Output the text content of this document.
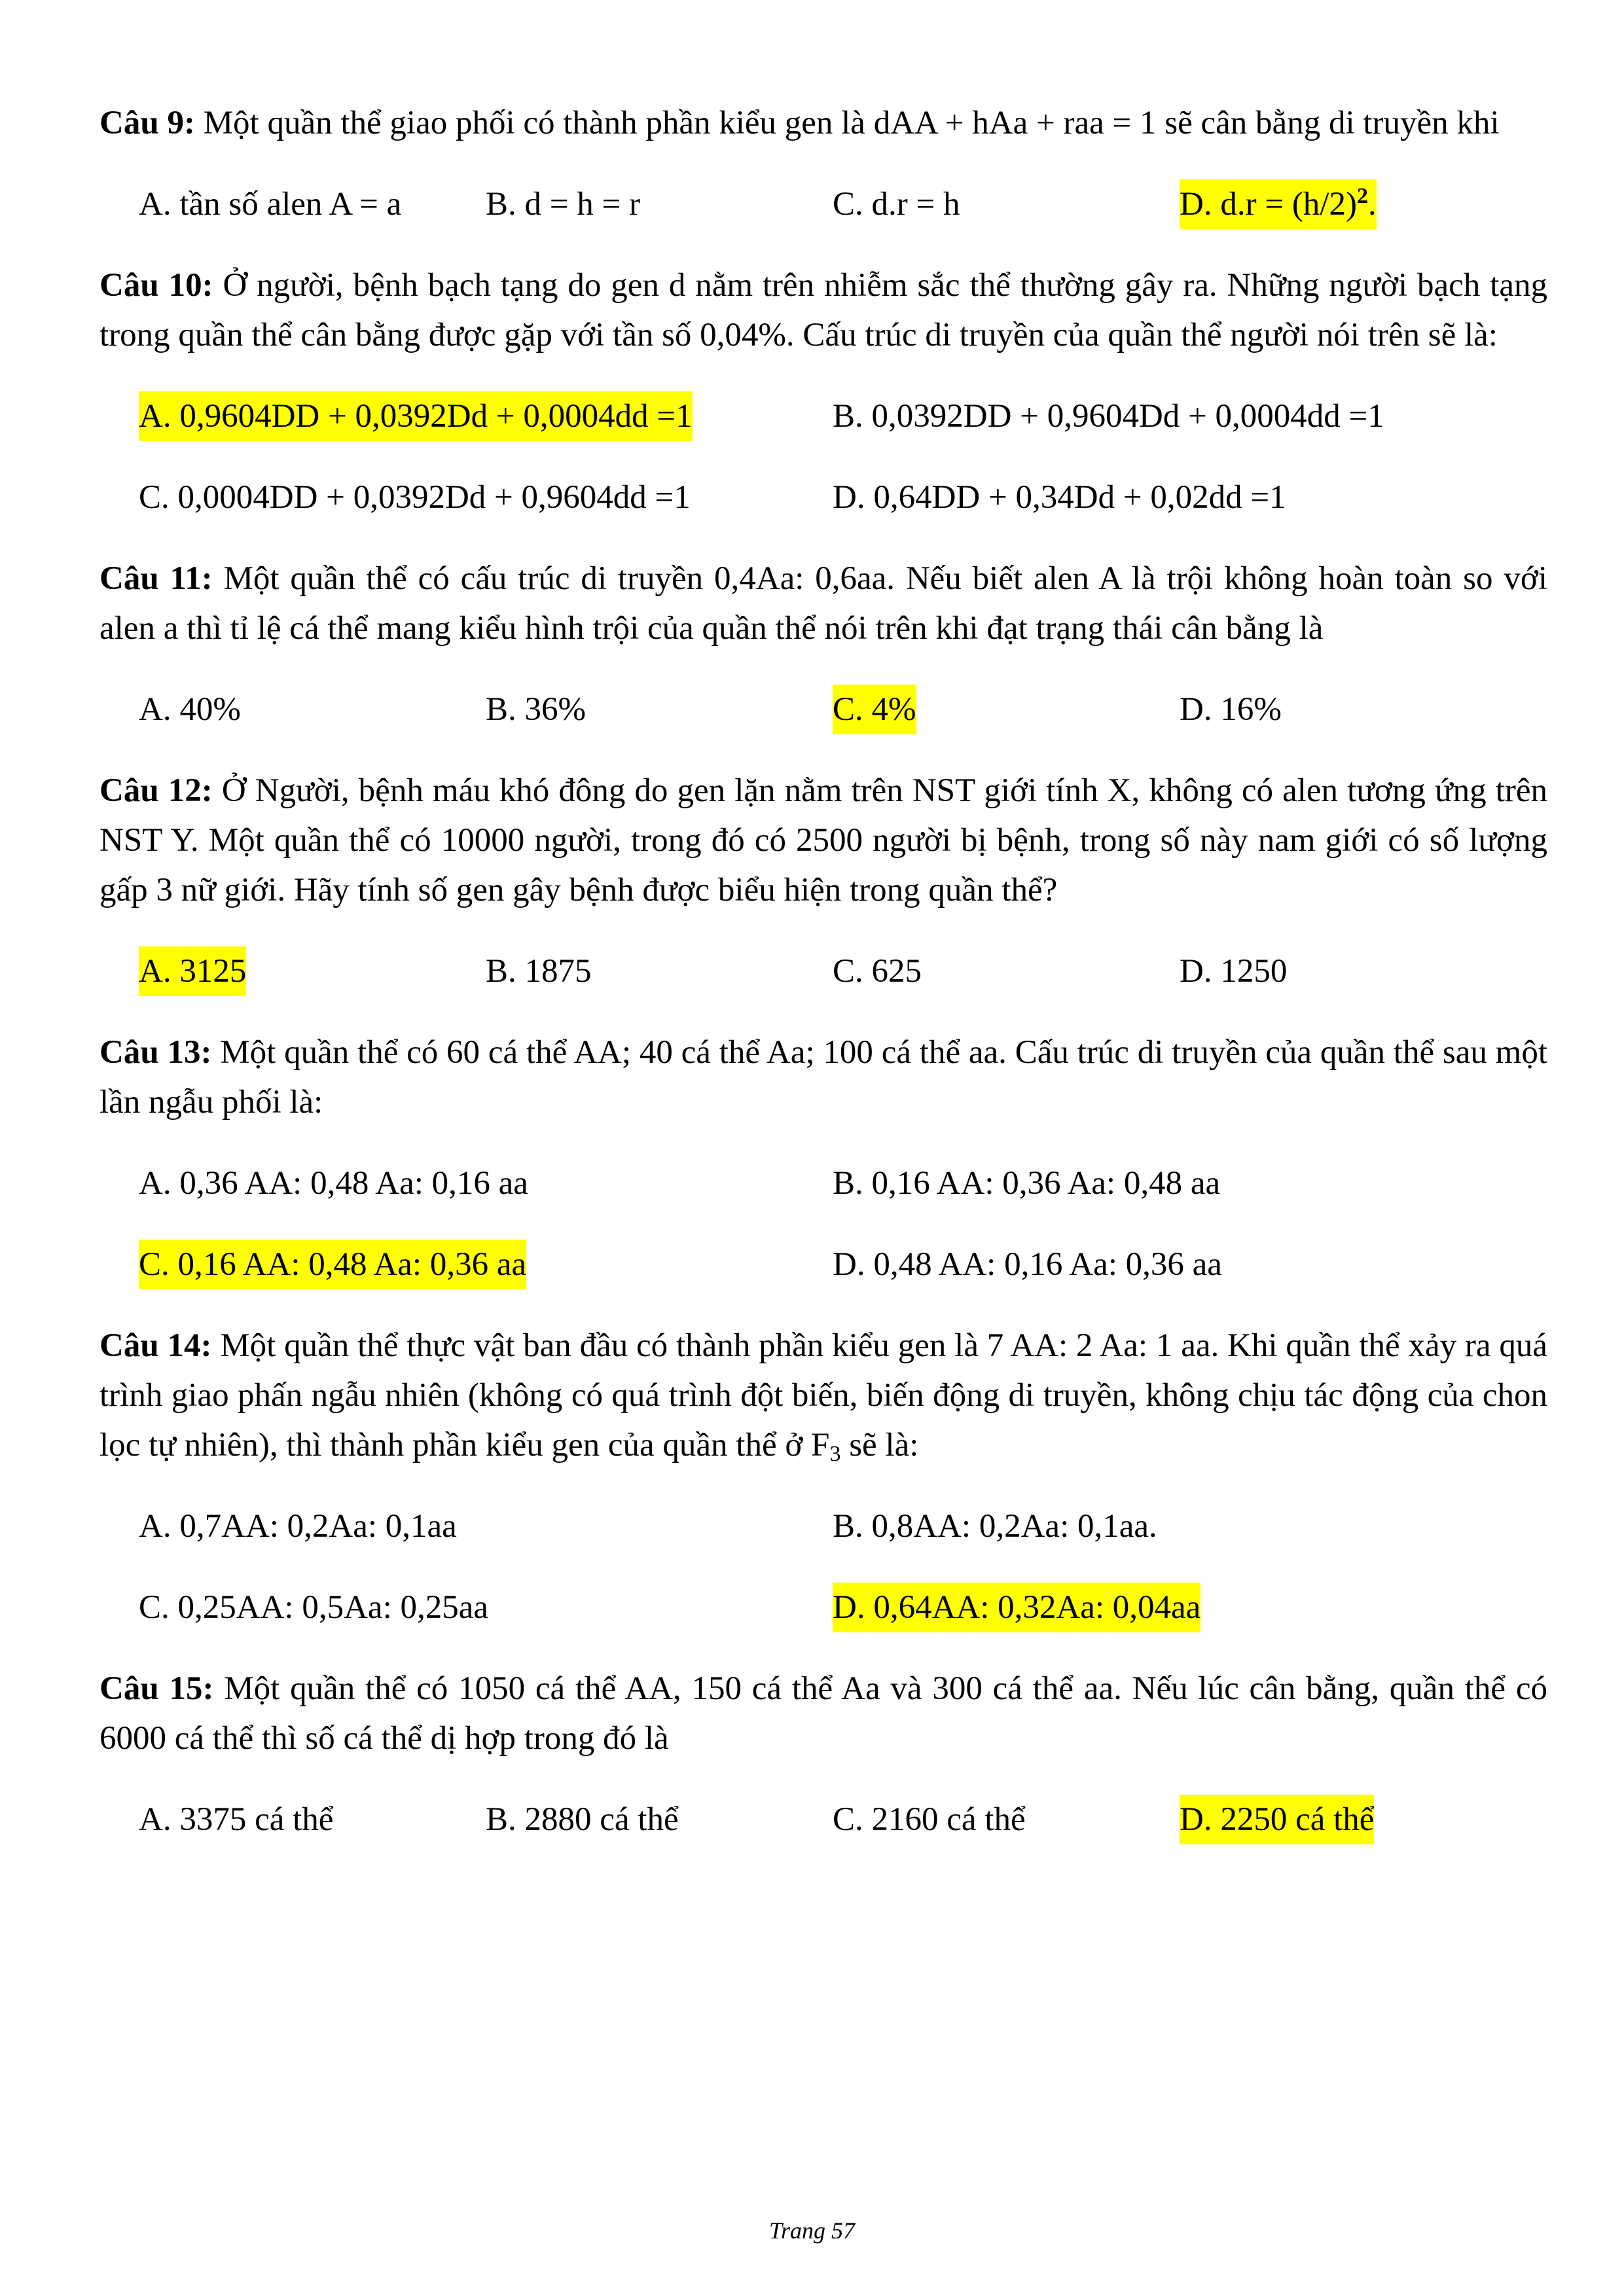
Câu 9: Một quần thể giao phối có thành phần kiểu gen là dAA + hAa + raa = 1 sẽ cân bằng di truyền khi

A. tần số alen A = a	B. d = h = r	C. d.r = h	D. $d.r = (h/2)^2$.

Câu 10: Ở người, bệnh bạch tạng do gen d nằm trên nhiễm sắc thể thường gây ra. Những người bạch tạng trong quần thể cân bằng được gặp với tần số 0,04%. Cấu trúc di truyền của quần thể người nói trên sẽ là:

A. 0,9604DD + 0,0392Dd + 0,0004dd =1	B. 0,0392DD + 0,9604Dd + 0,0004dd =1
C. 0,0004DD + 0,0392Dd + 0,9604dd =1	D. 0,64DD + 0,34Dd + 0,02dd =1

Câu 11: Một quần thể có cấu trúc di truyền 0,4Aa: 0,6aa. Nếu biết alen A là trội không hoàn toàn so với alen a thì tỉ lệ cá thể mang kiểu hình trội của quần thể nói trên khi đạt trạng thái cân bằng là

A. 40%	B. 36%	C. 4%	D. 16%

Câu 12: Ở Người, bệnh máu khó đông do gen lặn nằm trên NST giới tính X, không có alen tương ứng trên NST Y. Một quần thể có 10000 người, trong đó có 2500 người bị bệnh, trong số này nam giới có số lượng gấp 3 nữ giới. Hãy tính số gen gây bệnh được biểu hiện trong quần thể?

A. 3125	B. 1875	C. 625	D. 1250

Câu 13: Một quần thể có 60 cá thể AA; 40 cá thể Aa; 100 cá thể aa. Cấu trúc di truyền của quần thể sau một lần ngẫu phối là:

A. 0,36 AA: 0,48 Aa: 0,16 aa	B. 0,16 AA: 0,36 Aa: 0,48 aa
C. 0,16 AA: 0,48 Aa: 0,36 aa	D. 0,48 AA: 0,16 Aa: 0,36 aa

Câu 14: Một quần thể thực vật ban đầu có thành phần kiểu gen là 7 AA: 2 Aa: 1 aa. Khi quần thể xảy ra quá trình giao phấn ngẫu nhiên (không có quá trình đột biến, biến động di truyền, không chịu tác động của chon lọc tự nhiên), thì thành phần kiểu gen của quần thể ở $F_3$ sẽ là:

A. 0,7AA: 0,2Aa: 0,1aa	B. 0,8AA: 0,2Aa: 0,1aa.
C. 0,25AA: 0,5Aa: 0,25aa	D. 0,64AA: 0,32Aa: 0,04aa

Câu 15: Một quần thể có 1050 cá thể AA, 150 cá thể Aa và 300 cá thể aa. Nếu lúc cân bằng, quần thể có 6000 cá thể thì số cá thể dị hợp trong đó là

A. 3375 cá thể	B. 2880 cá thể	C. 2160 cá thể	D. 2250 cá thể
Trang 57
